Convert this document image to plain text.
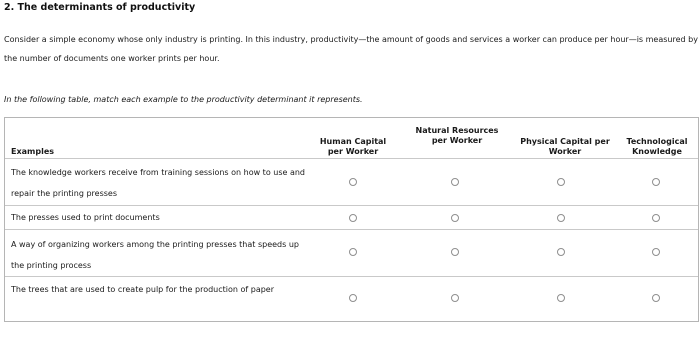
2. The determinants of productivity
Consider a simple economy whose only industry is printing. In this industry, productivity—the amount of goods and services a worker can produce per hour—is measured by the number of documents one worker prints per hour.
In the following table, match each example to the productivity determinant it represents.
Examples
Human Capital per Worker
Natural Resources per Worker	Physical Capital per Worker
Technological Knowledge
The knowledge workers receive from training sessions on how to use and repair the printing presses
The presses used to print documents
A way of organizing workers among the printing presses that speeds up the printing process
The trees that are used to create pulp for the production of paper
